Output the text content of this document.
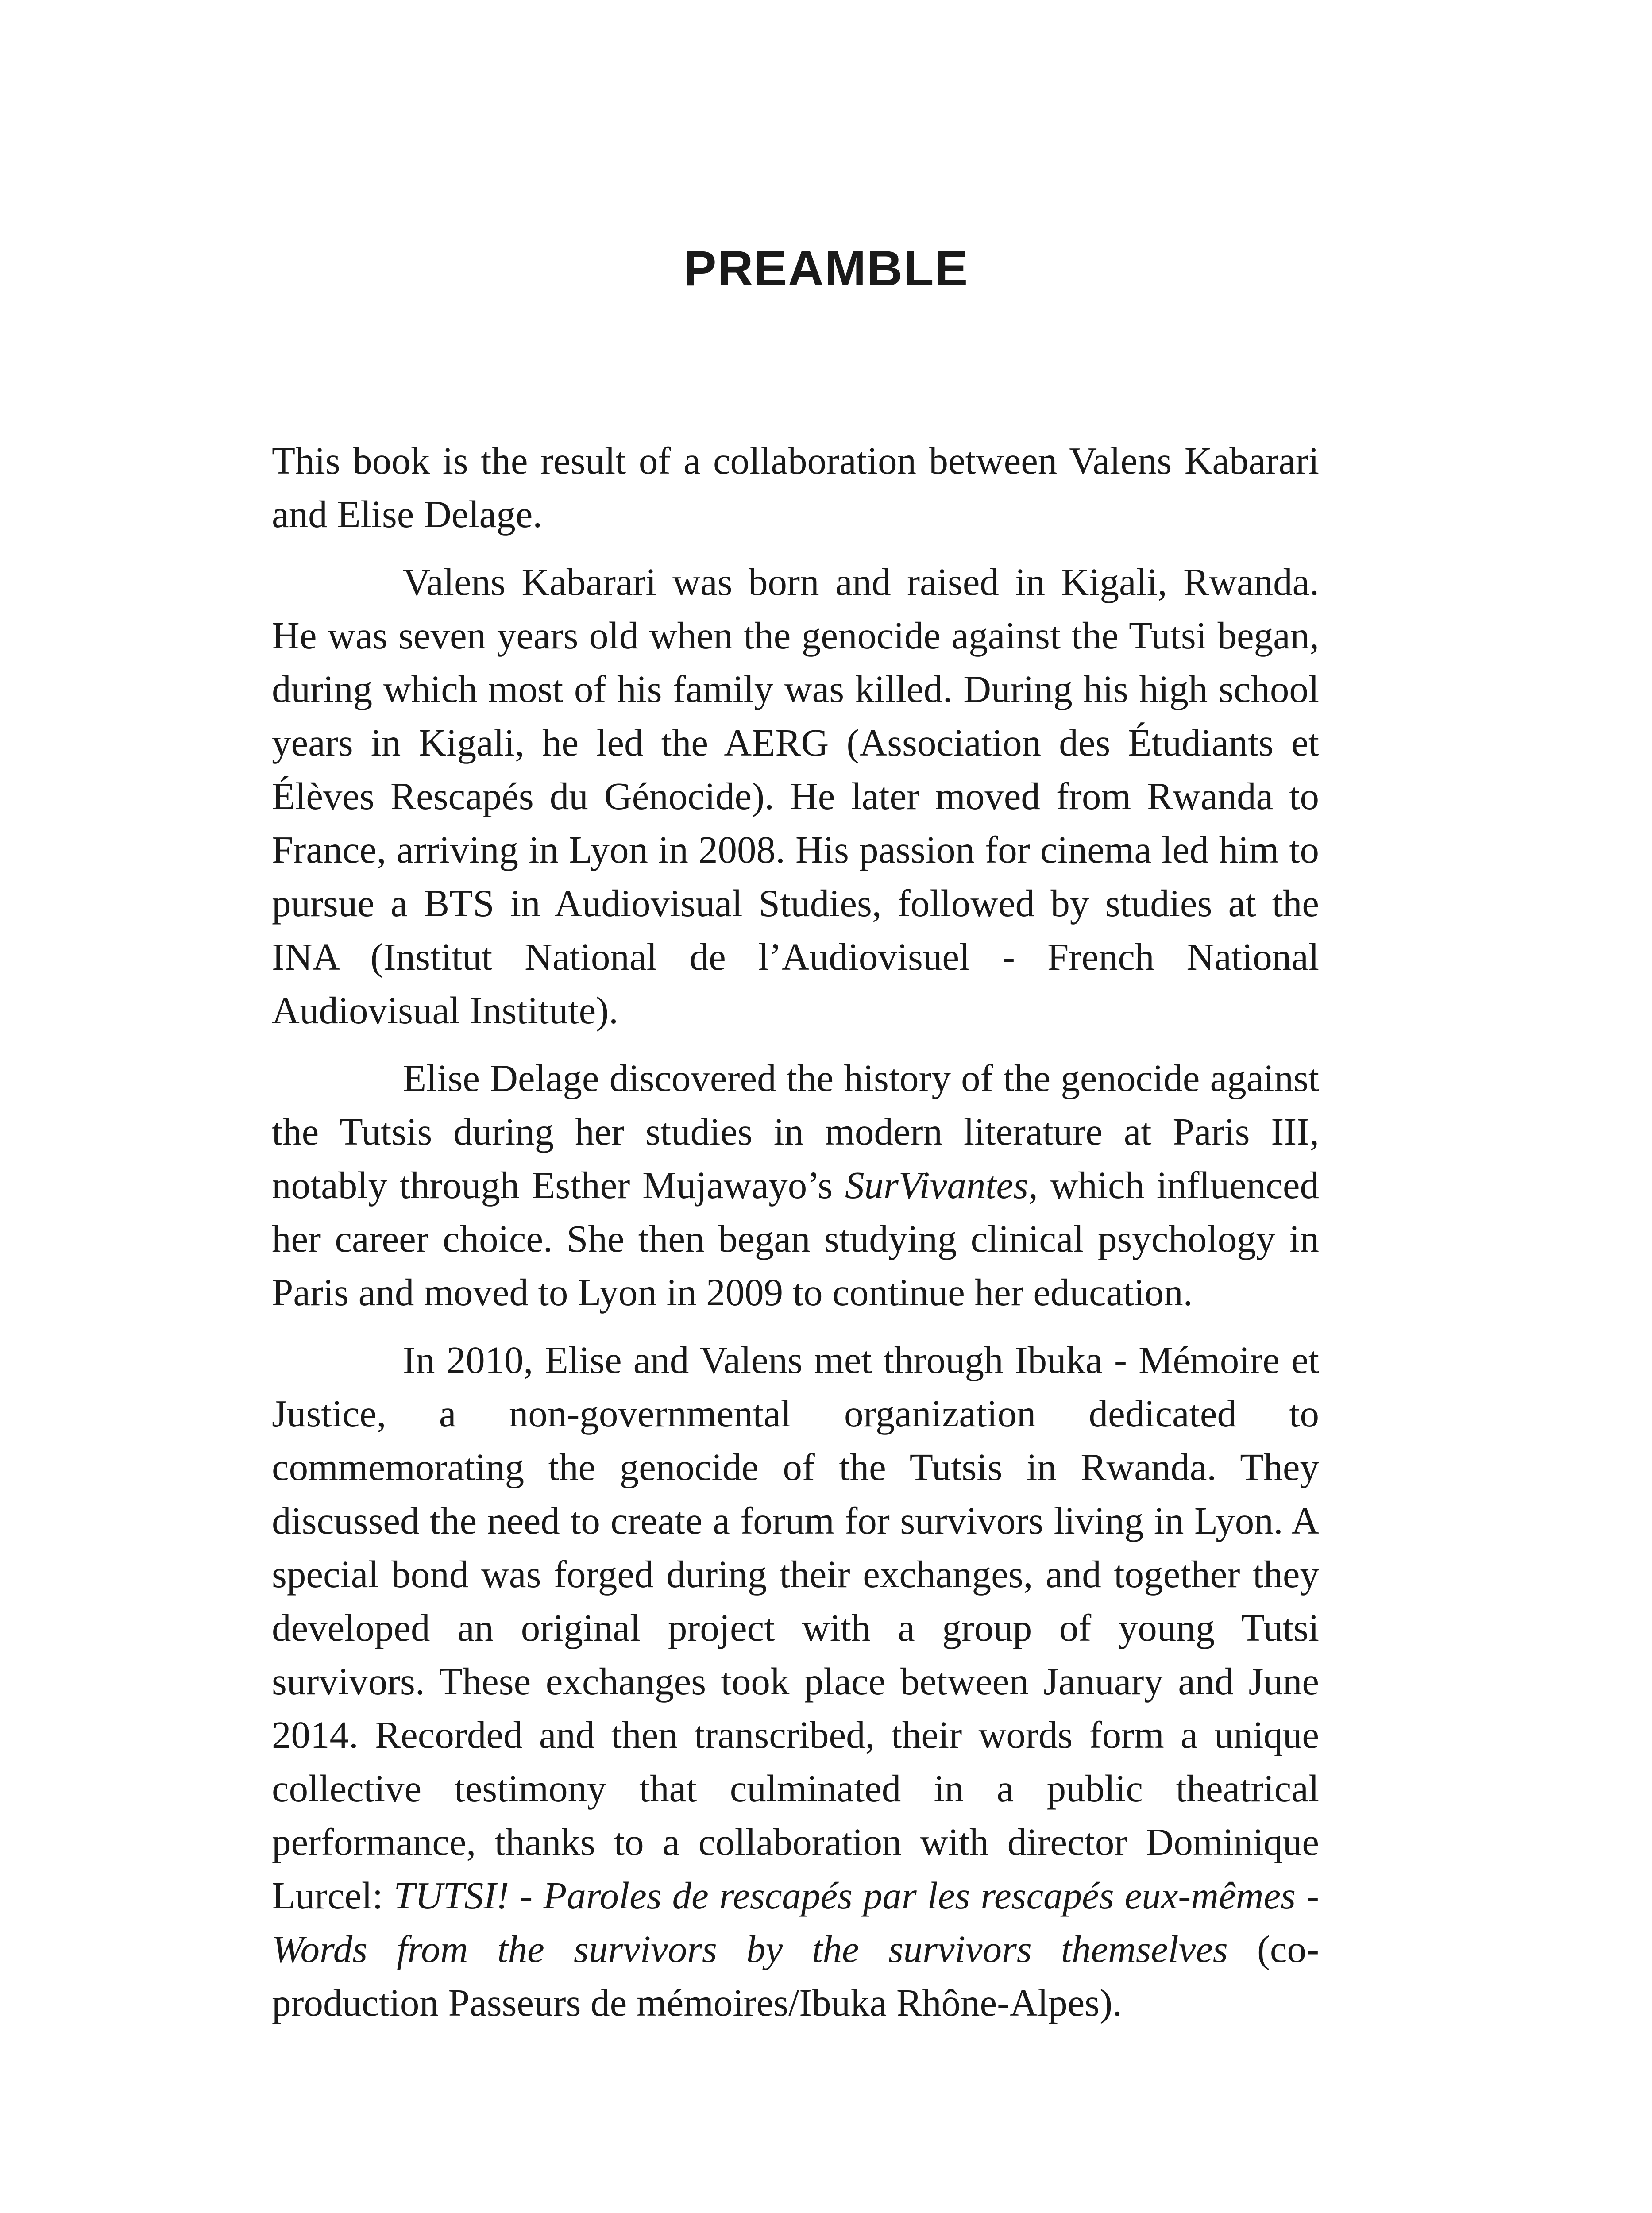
PREAMBLE

This book is the result of a collaboration between Valens Kabarari and Elise Delage.

Valens Kabarari was born and raised in Kigali, Rwanda. He was seven years old when the genocide against the Tutsi began, during which most of his family was killed. During his high school years in Kigali, he led the AERG (Association des Étudiants et Élèves Rescapés du Génocide). He later moved from Rwanda to France, arriving in Lyon in 2008. His passion for cinema led him to pursue a BTS in Audiovisual Studies, followed by studies at the INA (Institut National de l’Audiovisuel - French National Audiovisual Institute).

Elise Delage discovered the history of the genocide against the Tutsis during her studies in modern literature at Paris III, notably through Esther Mujawayo’s SurVivantes, which influenced her career choice. She then began studying clinical psychology in Paris and moved to Lyon in 2009 to continue her education.

In 2010, Elise and Valens met through Ibuka - Mémoire et Justice, a non-governmental organization dedicated to commemorating the genocide of the Tutsis in Rwanda. They discussed the need to create a forum for survivors living in Lyon. A special bond was forged during their exchanges, and together they developed an original project with a group of young Tutsi survivors. These exchanges took place between January and June 2014. Recorded and then transcribed, their words form a unique collective testimony that culminated in a public theatrical performance, thanks to a collaboration with director Dominique Lurcel: TUTSI! - Paroles de rescapés par les rescapés eux-mêmes - Words from the survivors by the survivors themselves (co-production Passeurs de mémoires/Ibuka Rhône-Alpes).
